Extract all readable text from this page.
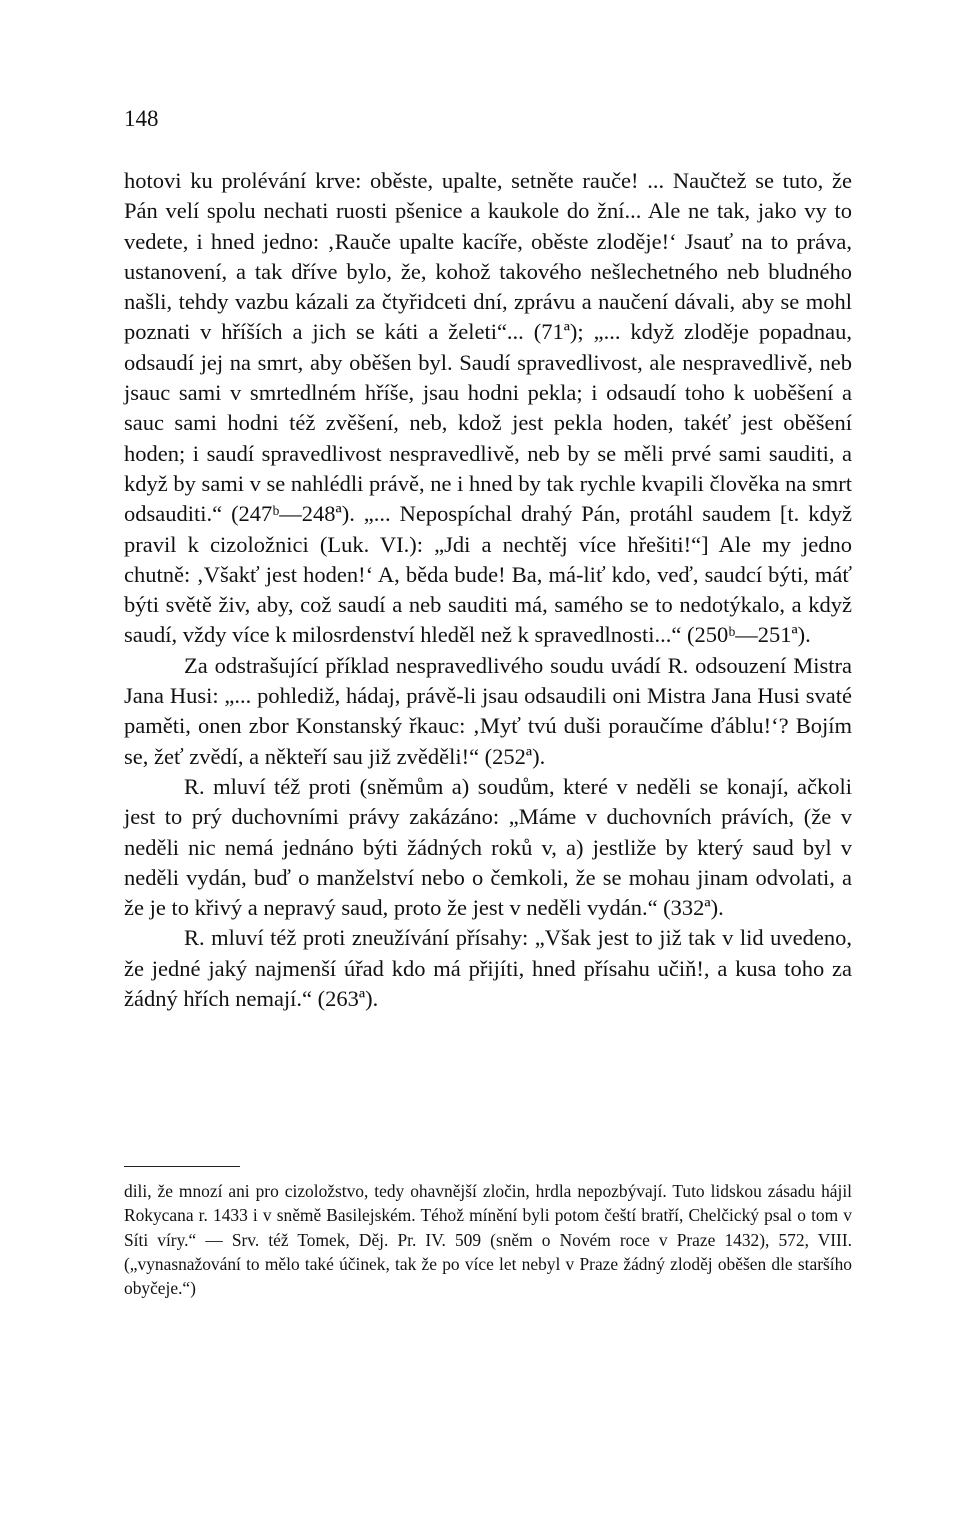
148

hotovi ku prolévání krve: oběste, upalte, setněte rauče! ... Naučtež se tuto, že Pán velí spolu nechati ruosti pšenice a kaukole do žní... Ale ne tak, jako vy to vedete, i hned jedno: ‚Rauče upalte kacíře, oběste zloděje!‘ Jsauť na to práva, ustanovení, a tak dříve bylo, že, kohož takového nešlechetného neb bludného našli, tehdy vazbu kázali za čtyřidceti dní, zprávu a naučení dávali, aby se mohl poznati v hříších a jich se káti a želeti“... (71ª); „... když zloděje popadnau, odsaudí jej na smrt, aby oběšen byl. Saudí spravedlivost, ale nespravedlivě, neb jsauc sami v smrtedlném hříše, jsau hodni pekla; i odsaudí toho k uoběšení a sauc sami hodni též zvěšení, neb, kdož jest pekla hoden, takéť jest oběšení hoden; i saudí spravedlivost nespravedlivě, neb by se měli prvé sami sauditi, a když by sami v se nahlédli právě, ne i hned by tak rychle kvapili člověka na smrt odsauditi.“ (247ᵇ—248ª). „... Nepospíchal drahý Pán, protáhl saudem [t. když pravil k cizoložnici (Luk. VI.): „Jdi a nechtěj více hřešiti!“] Ale my jedno chutně: ‚Všakť jest hoden!‘ A, běda bude! Ba, má-liť kdo, veď, saudcí býti, máť býti světě živ, aby, což saudí a neb sauditi má, samého se to nedotýkalo, a když saudí, vždy více k milosrdenství hleděl než k spravedlnosti...“ (250ᵇ—251ª).

Za odstrašující příklad nespravedlivého soudu uvádí R. odsouzení Mistra Jana Husi: „... pohlediž, hádaj, právě-li jsau odsaudili oni Mistra Jana Husi svaté paměti, onen zbor Konstanský řkauc: ‚Myť tvú duši poraučíme ďáblu!‘? Bojím se, žeť zvědí, a někteří sau již zvěděli!“ (252ª).

R. mluví též proti (sněmům a) soudům, které v neděli se konají, ačkoli jest to prý duchovními právy zakázáno: „Máme v duchovních právích, (že v neděli nic nemá jednáno býti žádných roků v, a) jestliže by který saud byl v neděli vydán, buď o manželství nebo o čemkoli, že se mohau jinam odvolati, a že je to křivý a nepravý saud, proto že jest v neděli vydán.“ (332ª).

R. mluví též proti zneužívání přísahy: „Však jest to již tak v lid uvedeno, že jedné jaký najmenší úřad kdo má přijíti, hned přísahu učiň!, a kusa toho za žádný hřích nemají.“ (263ª).

dili, že mnozí ani pro cizoložstvo, tedy ohavnější zločin, hrdla nepozbývají. Tuto lidskou zásadu hájil Rokycana r. 1433 i v sněmě Basilejském. Téhož mínění byli potom čeští bratří, Chelčický psal o tom v Síti víry.“ — Srv. též Tomek, Děj. Pr. IV. 509 (sněm o Novém roce v Praze 1432), 572, VIII. („vynasnažování to mělo také účinek, tak že po více let nebyl v Praze žádný zloděj oběšen dle staršího obyčeje.“)
